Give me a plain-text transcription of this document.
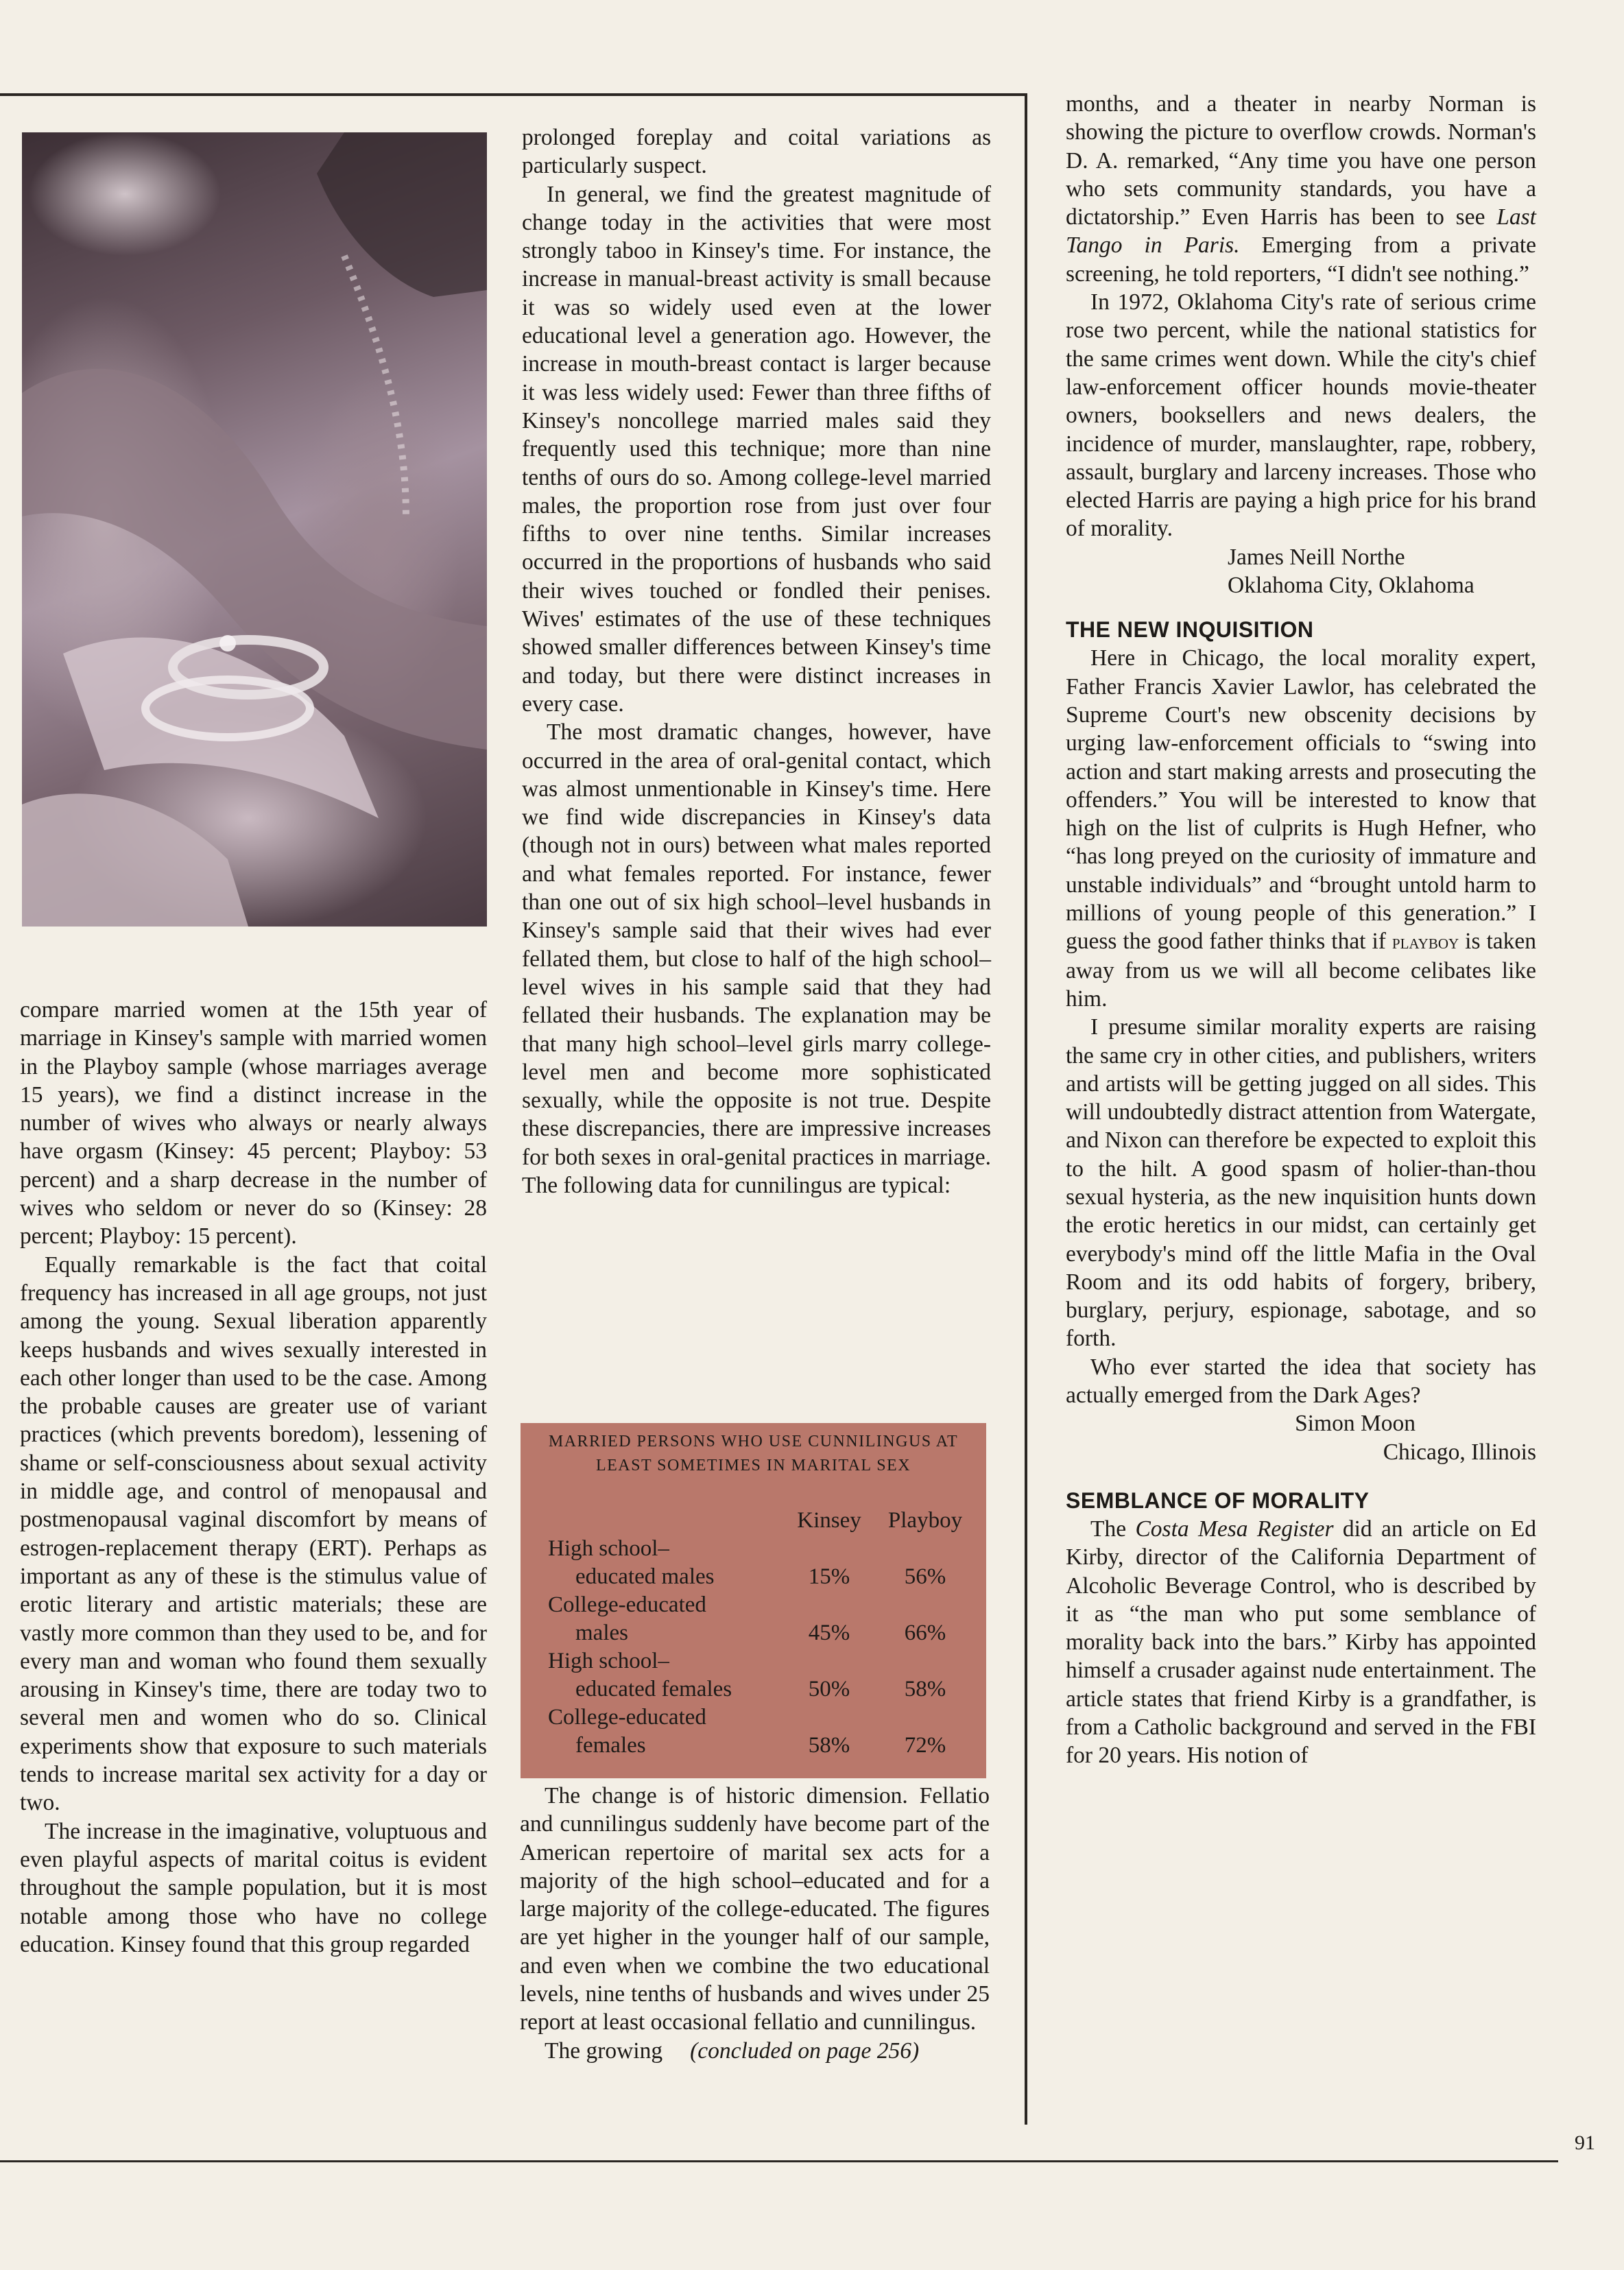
compare married women at the 15th year of marriage in Kinsey's sample with married women in the Playboy sample (whose marriages average 15 years), we find a distinct increase in the number of wives who always or nearly always have orgasm (Kinsey: 45 percent; Playboy: 53 percent) and a sharp decrease in the number of wives who seldom or never do so (Kinsey: 28 percent; Playboy: 15 percent).

Equally remarkable is the fact that coital frequency has increased in all age groups, not just among the young. Sexual liberation apparently keeps husbands and wives sexually interested in each other longer than used to be the case. Among the probable causes are greater use of variant practices (which prevents boredom), lessening of shame or self-consciousness about sexual activity in middle age, and control of menopausal and postmenopausal vaginal discomfort by means of estrogen-replacement therapy (ERT). Perhaps as important as any of these is the stimulus value of erotic literary and artistic materials; these are vastly more common than they used to be, and for every man and woman who found them sexually arousing in Kinsey's time, there are today two to several men and women who do so. Clinical experiments show that exposure to such materials tends to increase marital sex activity for a day or two.

The increase in the imaginative, voluptuous and even playful aspects of marital coitus is evident throughout the sample population, but it is most notable among those who have no college education. Kinsey found that this group regarded

prolonged foreplay and coital variations as particularly suspect.

In general, we find the greatest magnitude of change today in the activities that were most strongly taboo in Kinsey's time. For instance, the increase in manual-breast activity is small because it was so widely used even at the lower educational level a generation ago. However, the increase in mouth-breast contact is larger because it was less widely used: Fewer than three fifths of Kinsey's noncollege married males said they frequently used this technique; more than nine tenths of ours do so. Among college-level married males, the proportion rose from just over four fifths to over nine tenths. Similar increases occurred in the proportions of husbands who said their wives touched or fondled their penises. Wives' estimates of the use of these techniques showed smaller differences between Kinsey's time and today, but there were distinct increases in every case.

The most dramatic changes, however, have occurred in the area of oral-genital contact, which was almost unmentionable in Kinsey's time. Here we find wide discrepancies in Kinsey's data (though not in ours) between what males reported and what females reported. For instance, fewer than one out of six high school–level husbands in Kinsey's sample said that their wives had ever fellated them, but close to half of the high school–level wives in his sample said that they had fellated their husbands. The explanation may be that many high school–level girls marry college-level men and become more sophisticated sexually, while the opposite is not true. Despite these discrepancies, there are impressive increases for both sexes in oral-genital practices in marriage. The following data for cunnilingus are typical:

MARRIED PERSONS WHO USE CUNNILINGUS AT LEAST SOMETIMES IN MARITAL SEX
Kinsey	Playboy
High school–
educated males	15%	56%
College-educated
males	45%	66%
High school–
educated females	50%	58%
College-educated
females	58%	72%

The change is of historic dimension. Fellatio and cunnilingus suddenly have become part of the American repertoire of marital sex acts for a majority of the high school–educated and for a large majority of the college-educated. The figures are yet higher in the younger half of our sample, and even when we combine the two educational levels, nine tenths of husbands and wives under 25 report at least occasional fellatio and cunnilingus.

The growing (concluded on page 256)

months, and a theater in nearby Norman is showing the picture to overflow crowds. Norman's D. A. remarked, “Any time you have one person who sets community standards, you have a dictatorship.” Even Harris has been to see Last Tango in Paris. Emerging from a private screening, he told reporters, “I didn't see nothing.”

In 1972, Oklahoma City's rate of serious crime rose two percent, while the national statistics for the same crimes went down. While the city's chief law-enforcement officer hounds movie-theater owners, booksellers and news dealers, the incidence of murder, manslaughter, rape, robbery, assault, burglary and larceny increases. Those who elected Harris are paying a high price for his brand of morality.

James Neill Northe

Oklahoma City, Oklahoma

THE NEW INQUISITION

Here in Chicago, the local morality expert, Father Francis Xavier Lawlor, has celebrated the Supreme Court's new obscenity decisions by urging law-enforcement officials to “swing into action and start making arrests and prosecuting the offenders.” You will be interested to know that high on the list of culprits is Hugh Hefner, who “has long preyed on the curiosity of immature and unstable individuals” and “brought untold harm to millions of young people of this generation.” I guess the good father thinks that if playboy is taken away from us we will all become celibates like him.

I presume similar morality experts are raising the same cry in other cities, and publishers, writers and artists will be getting jugged on all sides. This will undoubtedly distract attention from Watergate, and Nixon can therefore be expected to exploit this to the hilt. A good spasm of holier-than-thou sexual hysteria, as the new inquisition hunts down the erotic heretics in our midst, can certainly get everybody's mind off the little Mafia in the Oval Room and its odd habits of forgery, bribery, burglary, perjury, espionage, sabotage, and so forth.

Who ever started the idea that society has actually emerged from the Dark Ages?

Simon Moon

Chicago, Illinois

SEMBLANCE OF MORALITY

The Costa Mesa Register did an article on Ed Kirby, director of the California Department of Alcoholic Beverage Control, who is described by it as “the man who put some semblance of morality back into the bars.” Kirby has appointed himself a crusader against nude entertainment. The article states that friend Kirby is a grandfather, is from a Catholic background and served in the FBI for 20 years. His notion of

91
